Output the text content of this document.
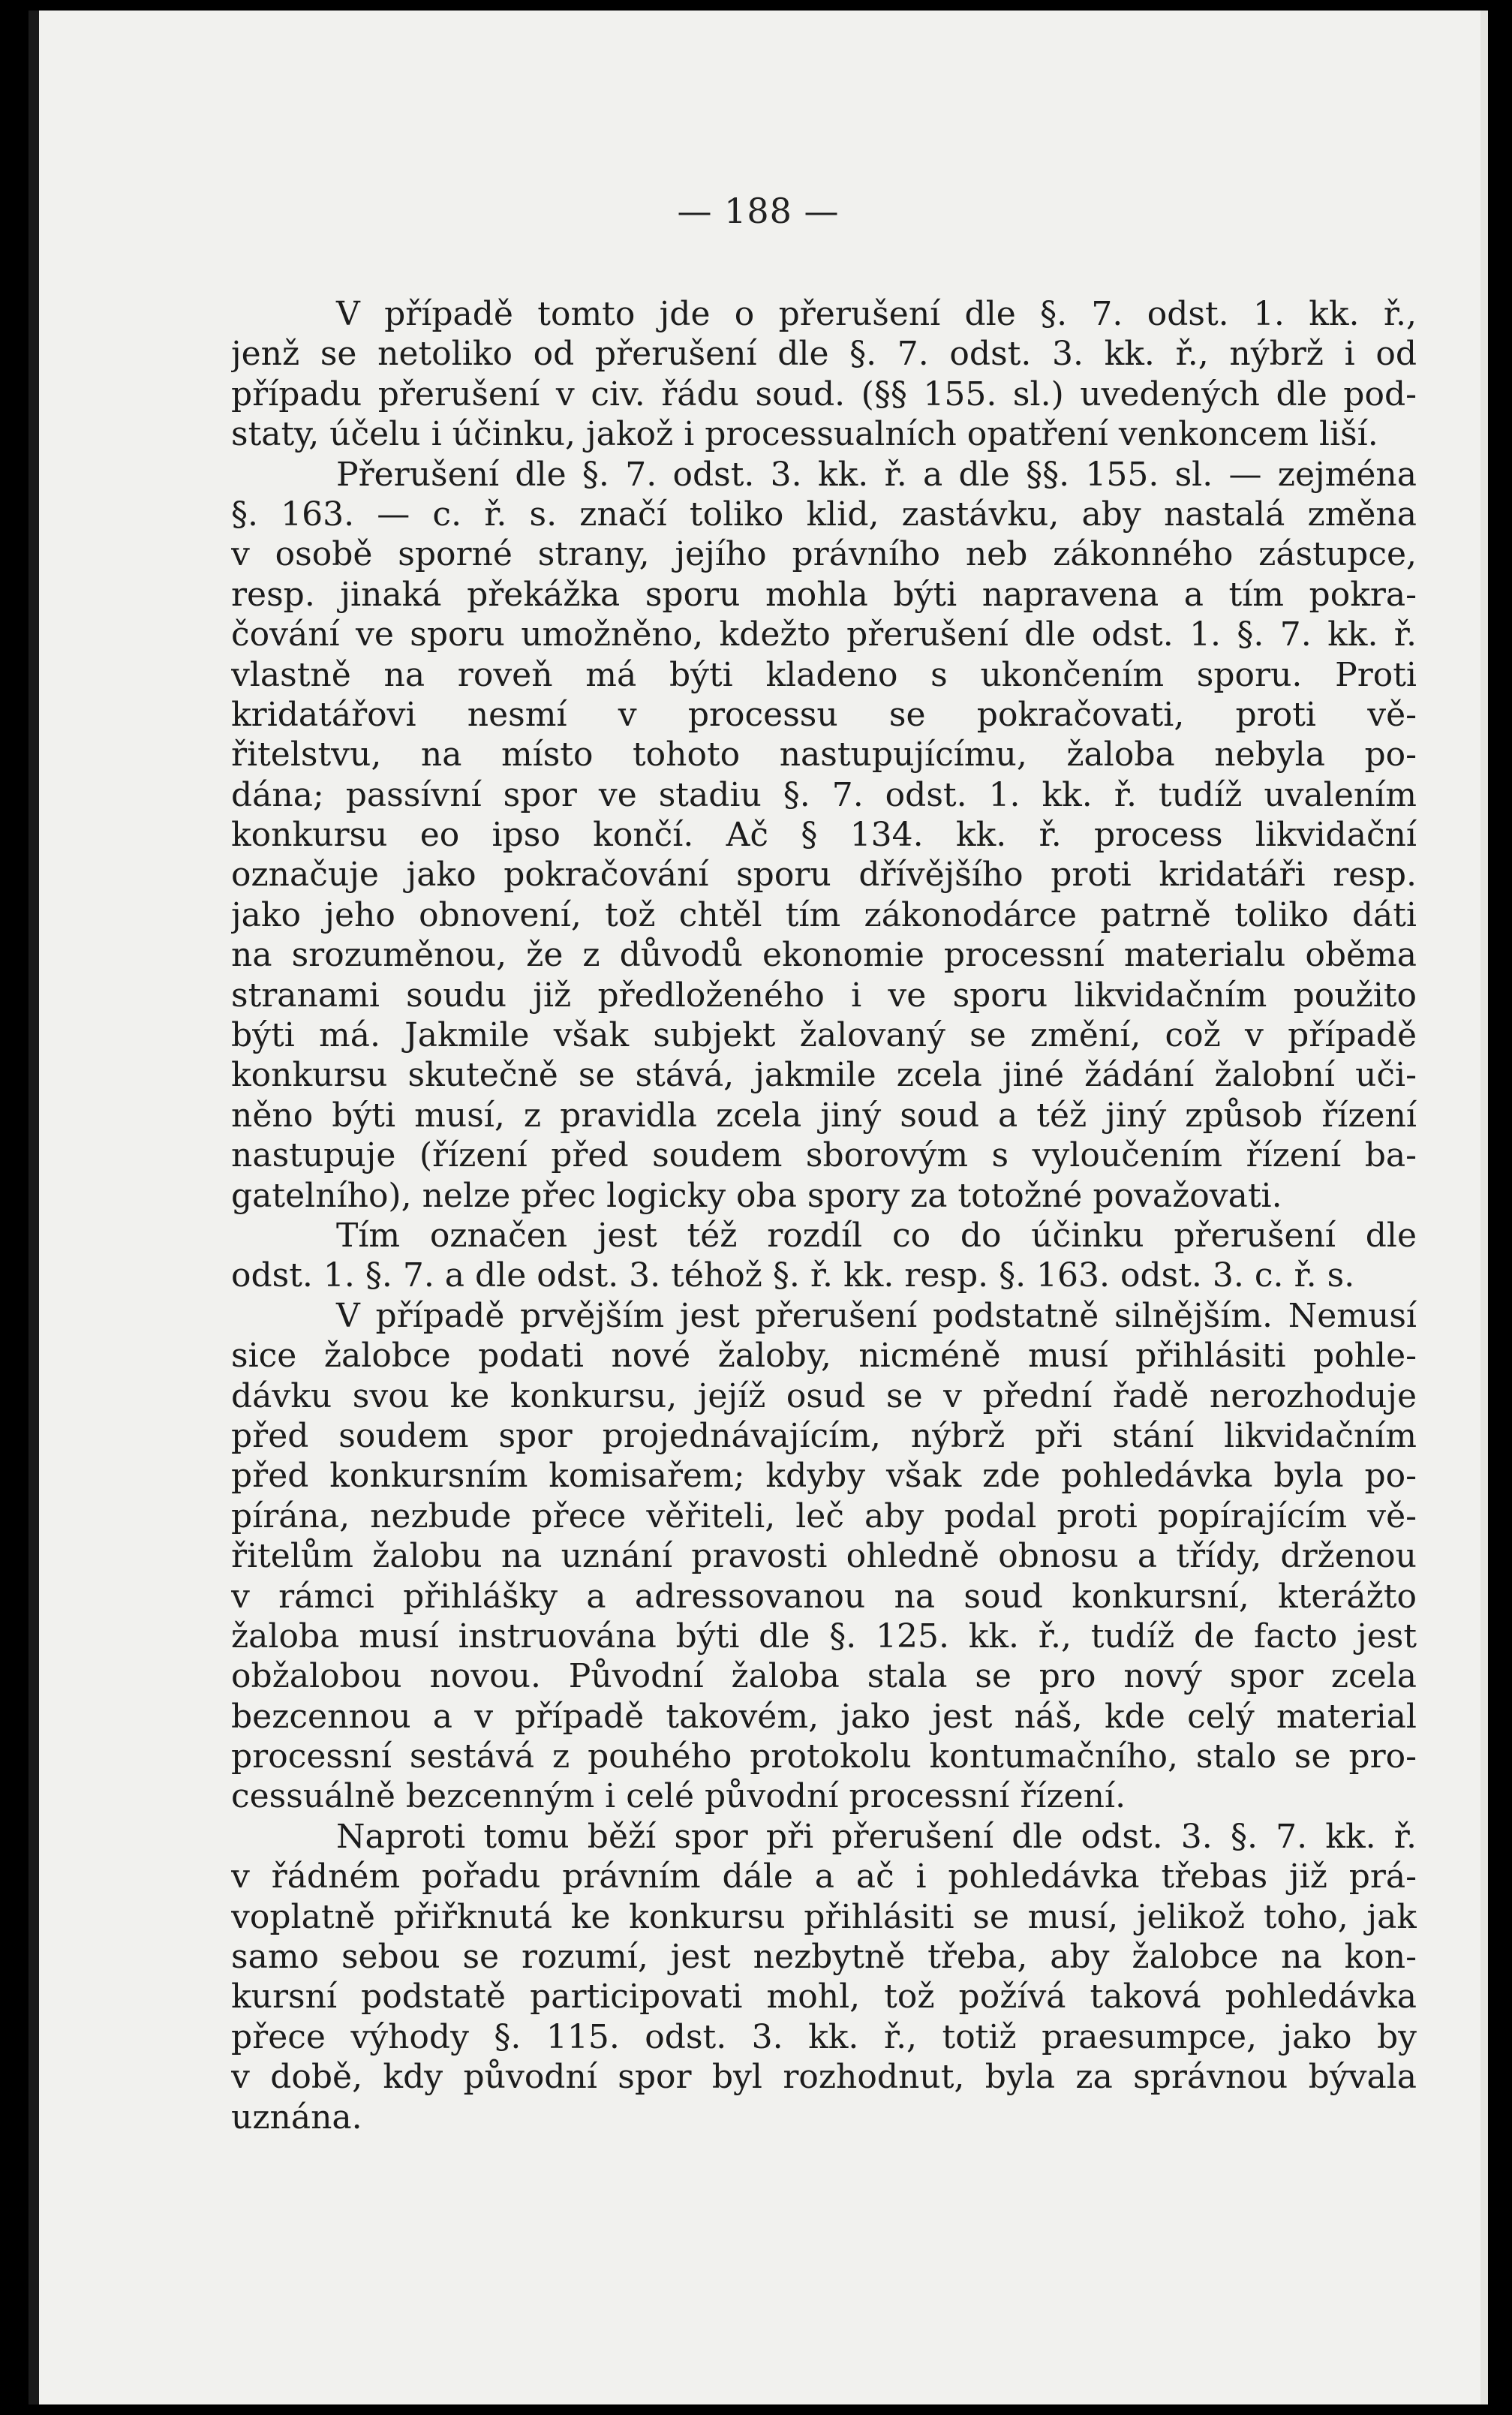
— 188 —
V případě tomto jde o přerušení dle §. 7. odst. 1. kk. ř.,
jenž se netoliko od přerušení dle §. 7. odst. 3. kk. ř., nýbrž i od
případu přerušení v civ. řádu soud. (§§ 155. sl.) uvedených dle pod-
staty, účelu i účinku, jakož i processualních opatření venkoncem liší.
Přerušení dle §. 7. odst. 3. kk. ř. a dle §§. 155. sl. — zejména
§. 163. — c. ř. s. značí toliko klid, zastávku, aby nastalá změna
v osobě sporné strany, jejího právního neb zákonného zástupce,
resp. jinaká překážka sporu mohla býti napravena a tím pokra-
čování ve sporu umožněno, kdežto přerušení dle odst. 1. §. 7. kk. ř.
vlastně na roveň má býti kladeno s ukončením sporu. Proti
kridatářovi nesmí v processu se pokračovati, proti vě-
řitelstvu, na místo tohoto nastupujícímu, žaloba nebyla po-
dána; passívní spor ve stadiu §. 7. odst. 1. kk. ř. tudíž uvalením
konkursu eo ipso končí. Ač § 134. kk. ř. process likvidační
označuje jako pokračování sporu dřívějšího proti kridatáři resp.
jako jeho obnovení, tož chtěl tím zákonodárce patrně toliko dáti
na srozuměnou, že z důvodů ekonomie processní materialu oběma
stranami soudu již předloženého i ve sporu likvidačním použito
býti má. Jakmile však subjekt žalovaný se změní, což v případě
konkursu skutečně se stává, jakmile zcela jiné žádání žalobní uči-
něno býti musí, z pravidla zcela jiný soud a též jiný způsob řízení
nastupuje (řízení před soudem sborovým s vyloučením řízení ba-
gatelního), nelze přec logicky oba spory za totožné považovati.
Tím označen jest též rozdíl co do účinku přerušení dle
odst. 1. §. 7. a dle odst. 3. téhož §. ř. kk. resp. §. 163. odst. 3. c. ř. s.
V případě prvějším jest přerušení podstatně silnějším. Nemusí
sice žalobce podati nové žaloby, nicméně musí přihlásiti pohle-
dávku svou ke konkursu, jejíž osud se v přední řadě nerozhoduje
před soudem spor projednávajícím, nýbrž při stání likvidačním
před konkursním komisařem; kdyby však zde pohledávka byla po-
pírána, nezbude přece věřiteli, leč aby podal proti popírajícím vě-
řitelům žalobu na uznání pravosti ohledně obnosu a třídy, drženou
v rámci přihlášky a adressovanou na soud konkursní, kterážto
žaloba musí instruována býti dle §. 125. kk. ř., tudíž de facto jest
obžalobou novou. Původní žaloba stala se pro nový spor zcela
bezcennou a v případě takovém, jako jest náš, kde celý material
processní sestává z pouhého protokolu kontumačního, stalo se pro-
cessuálně bezcenným i celé původní processní řízení.
Naproti tomu běží spor při přerušení dle odst. 3. §. 7. kk. ř.
v řádném pořadu právním dále a ač i pohledávka třebas již prá-
voplatně přiřknutá ke konkursu přihlásiti se musí, jelikož toho, jak
samo sebou se rozumí, jest nezbytně třeba, aby žalobce na kon-
kursní podstatě participovati mohl, tož požívá taková pohledávka
přece výhody §. 115. odst. 3. kk. ř., totiž praesumpce, jako by
v době, kdy původní spor byl rozhodnut, byla za správnou bývala
uznána.
